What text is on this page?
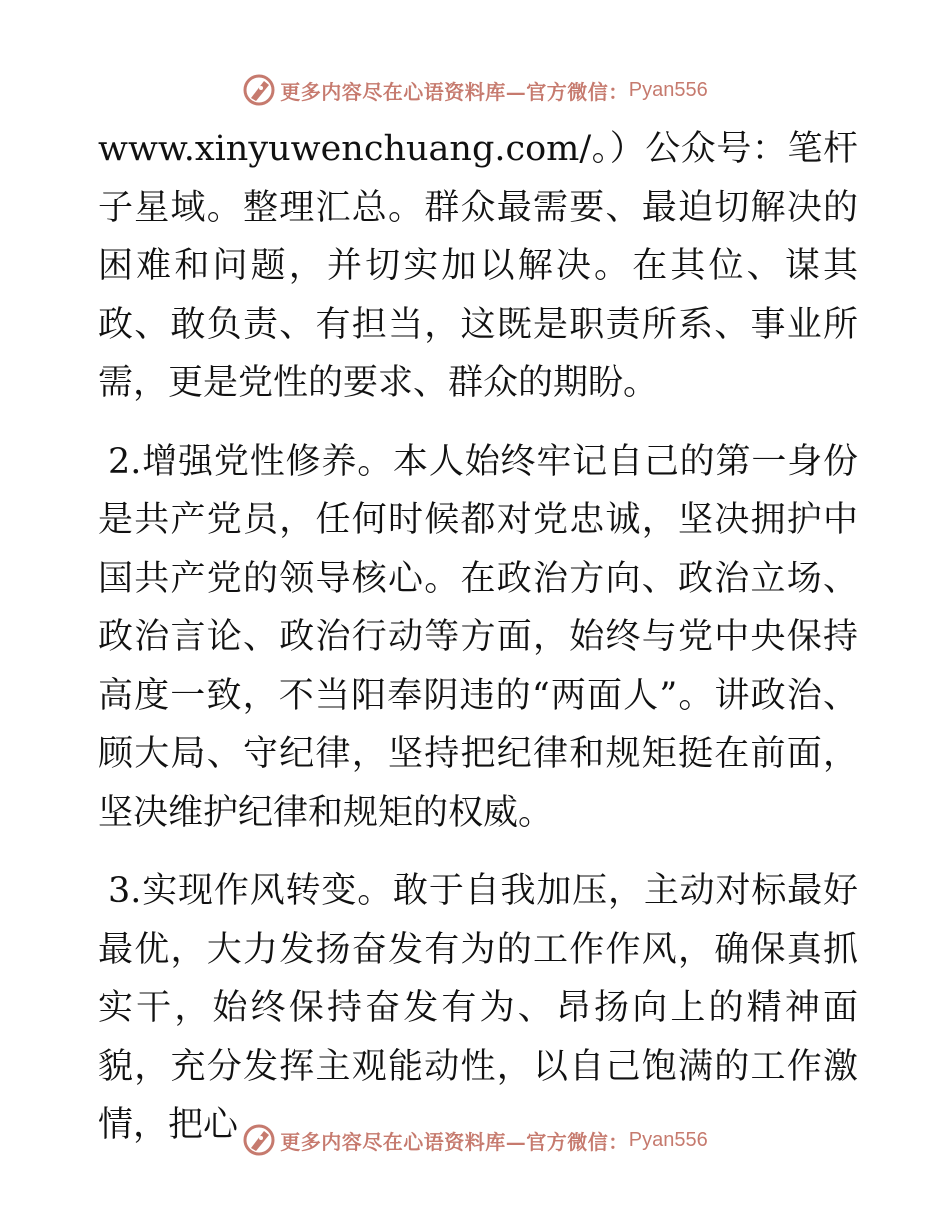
更多内容尽在心语资料库—官方微信： Pyan556

www.xinyuwenchuang.com/。）公众号：笔杆子星域。整理汇总。群众最需要、最迫切解决的困难和问题，并切实加以解决。在其位、谋其政、敢负责、有担当，这既是职责所系、事业所需，更是党性的要求、群众的期盼。

2.增强党性修养。本人始终牢记自己的第一身份是共产党员，任何时候都对党忠诚，坚决拥护中国共产党的领导核心。在政治方向、政治立场、政治言论、政治行动等方面，始终与党中央保持高度一致，不当阳奉阴违的“两面人”。讲政治、顾大局、守纪律，坚持把纪律和规矩挺在前面，坚决维护纪律和规矩的权威。

3.实现作风转变。敢于自我加压，主动对标最好最优，大力发扬奋发有为的工作作风，确保真抓实干，始终保持奋发有为、昂扬向上的精神面貌，充分发挥主观能动性，以自己饱满的工作激情，把心	更多内容尽在心语资料库—官方微信： Pyan556
